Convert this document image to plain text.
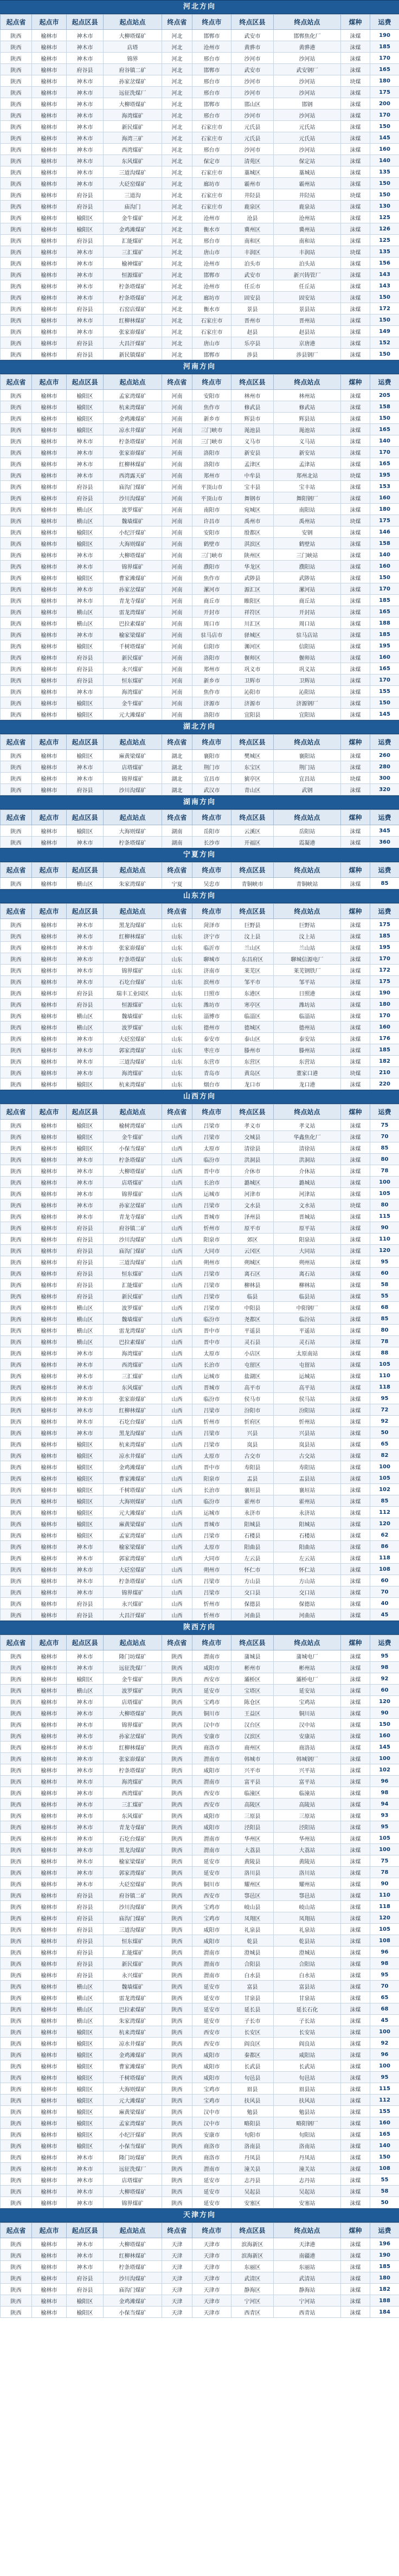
河北方向
起点省	起点市	起点区县	起点站点	终点省	终点市	终点区县	终点站点	煤种	运费
陕西	榆林市	神木市	大柳塔煤矿	河北	邯郸市	武安市	邯郸焦化厂	沫煤	190
陕西	榆林市	神木市	店塔	河北	沧州市	黄骅市	黄骅港	沫煤	185
陕西	榆林市	神木市	锦界	河北	邢台市	沙河市	沙河站	沫煤	170
陕西	榆林市	府谷县	府谷镇二矿	河北	邯郸市	武安市	武安钢厂	沫煤	165
陕西	榆林市	神木市	孙家岔煤矿	河北	邢台市	沙河市	沙河站	块煤	180
陕西	榆林市	神木市	远征洗煤厂	河北	邢台市	沙河市	沙河站	沫煤	175
陕西	榆林市	神木市	大柳塔煤矿	河北	邯郸市	邯山区	邯钢	沫煤	200
陕西	榆林市	神木市	海湾煤矿	河北	邢台市	沙河市	沙河站	沫煤	170
陕西	榆林市	神木市	新民煤矿	河北	石家庄市	元氏县	元氏站	沫煤	150
陕西	榆林市	神木市	海湾三矿	河北	石家庄市	元氏县	元氏站	沫煤	145
陕西	榆林市	神木市	西湾煤矿	河北	邢台市	沙河市	沙河站	沫煤	160
陕西	榆林市	神木市	东风煤矿	河北	保定市	清苑区	保定站	沫煤	140
陕西	榆林市	神木市	三道沟煤矿	河北	石家庄市	藁城区	藁城站	沫煤	135
陕西	榆林市	神木市	大砭窑煤矿	河北	廊坊市	霸州市	霸州站	沫煤	150
陕西	榆林市	府谷县	三道沟	河北	石家庄市	井陉县	井陉站	块煤	150
陕西	榆林市	府谷县	庙沟门	河北	石家庄市	鹿泉区	鹿泉站	沫煤	130
陕西	榆林市	榆阳区	金牛煤矿	河北	沧州市	沧县	沧州站	沫煤	125
陕西	榆林市	榆阳区	金鸡滩煤矿	河北	衡水市	冀州区	冀州站	沫煤	126
陕西	榆林市	府谷县	汇能煤矿	河北	邢台市	南和区	南和站	沫煤	125
陕西	榆林市	神木市	三汇煤矿	河北	唐山市	丰润区	丰润站	块煤	135
陕西	榆林市	神木市	榆神煤矿	河北	沧州市	泊头市	泊头站	沫煤	156
陕西	榆林市	神木市	恒源煤矿	河北	邯郸市	武安市	新兴铸管厂	沫煤	143
陕西	榆林市	神木市	柠条塔煤矿	河北	沧州市	任丘市	任丘站	沫煤	143
陕西	榆林市	神木市	柠条塔煤矿	河北	廊坊市	固安县	固安站	沫煤	150
陕西	榆林市	府谷县	石窑店煤矿	河北	衡水市	景县	景县站	沫煤	172
陕西	榆林市	神木市	红柳林煤矿	河北	石家庄市	晋州市	晋州站	沫煤	150
陕西	榆林市	神木市	张家峁煤矿	河北	石家庄市	赵县	赵县站	沫煤	149
陕西	榆林市	府谷县	大昌汗煤矿	河北	唐山市	乐亭县	京唐港	沫煤	152
陕西	榆林市	府谷县	新民镇煤矿	河北	邯郸市	涉县	涉县钢厂	沫煤	150
河南方向
起点省	起点市	起点区县	起点站点	终点省	终点市	终点区县	终点站点	煤种	运费
陕西	榆林市	榆阳区	孟家湾煤矿	河南	安阳市	林州市	林州站	沫煤	205
陕西	榆林市	榆阳区	杭来湾煤矿	河南	焦作市	修武县	修武站	沫煤	158
陕西	榆林市	榆阳区	金鸡滩煤矿	河南	新乡市	辉县市	辉县站	沫煤	150
陕西	榆林市	榆阳区	凉水井煤矿	河南	三门峡市	渑池县	渑池站	沫煤	165
陕西	榆林市	神木市	柠条塔煤矿	河南	三门峡市	义马市	义马站	沫煤	140
陕西	榆林市	神木市	张家峁煤矿	河南	洛阳市	新安县	新安站	沫煤	170
陕西	榆林市	神木市	红柳林煤矿	河南	洛阳市	孟津区	孟津站	沫煤	165
陕西	榆林市	神木市	西湾露天矿	河南	郑州市	中牟县	郑州北站	块煤	195
陕西	榆林市	府谷县	庙沟门煤矿	河南	平顶山市	宝丰县	宝丰站	沫煤	153
陕西	榆林市	府谷县	沙川沟煤矿	河南	平顶山市	舞钢市	舞阳钢厂	沫煤	160
陕西	榆林市	横山区	波罗煤矿	河南	南阳市	宛城区	南阳站	沫煤	180
陕西	榆林市	横山区	魏墙煤矿	河南	许昌市	禹州市	禹州站	块煤	175
陕西	榆林市	榆阳区	小纪汗煤矿	河南	安阳市	殷都区	安钢	沫煤	146
陕西	榆林市	榆阳区	大海则煤矿	河南	鹤壁市	淇滨区	鹤壁站	沫煤	158
陕西	榆林市	神木市	大柳塔煤矿	河南	三门峡市	陕州区	三门峡站	沫煤	140
陕西	榆林市	神木市	锦界煤矿	河南	濮阳市	华龙区	濮阳站	沫煤	160
陕西	榆林市	榆阳区	曹家滩煤矿	河南	焦作市	武陟县	武陟站	沫煤	150
陕西	榆林市	神木市	孙家岔煤矿	河南	漯河市	源汇区	漯河站	沫煤	170
陕西	榆林市	神木市	青龙寺煤矿	河南	商丘市	睢阳区	商丘站	沫煤	185
陕西	榆林市	横山区	雷龙湾煤矿	河南	开封市	祥符区	开封站	沫煤	165
陕西	榆林市	横山区	巴拉素煤矿	河南	周口市	川汇区	周口站	沫煤	188
陕西	榆林市	神木市	榆家梁煤矿	河南	驻马店市	驿城区	驻马店站	沫煤	185
陕西	榆林市	榆阳区	千树塔煤矿	河南	信阳市	浉河区	信阳站	沫煤	195
陕西	榆林市	府谷县	新民煤矿	河南	洛阳市	偃师区	偃师站	沫煤	160
陕西	榆林市	府谷县	永兴煤矿	河南	郑州市	巩义市	巩义站	沫煤	165
陕西	榆林市	府谷县	恒东煤矿	河南	新乡市	卫辉市	卫辉站	沫煤	170
陕西	榆林市	神木市	海湾煤矿	河南	焦作市	沁阳市	沁阳站	沫煤	155
陕西	榆林市	榆阳区	金牛煤矿	河南	济源市	济源市	济源钢厂	沫煤	150
陕西	榆林市	榆阳区	元大滩煤矿	河南	洛阳市	宜阳县	宜阳站	沫煤	145
湖北方向
起点省	起点市	起点区县	起点站点	终点省	终点市	终点区县	终点站点	煤种	运费
陕西	榆林市	榆阳区	麻黄梁煤矿	湖北	襄阳市	樊城区	襄阳站	沫煤	260
陕西	榆林市	神木市	店塔煤矿	湖北	荆门市	东宝区	荆门站	沫煤	280
陕西	榆林市	神木市	锦界煤矿	湖北	宜昌市	猇亭区	宜昌站	块煤	300
陕西	榆林市	府谷县	沙川沟煤矿	湖北	武汉市	青山区	武钢	沫煤	320
湖南方向
起点省	起点市	起点区县	起点站点	终点省	终点市	终点区县	终点站点	煤种	运费
陕西	榆林市	榆阳区	大海则煤矿	湖南	岳阳市	云溪区	岳阳站	沫煤	345
陕西	榆林市	神木市	柠条塔煤矿	湖南	长沙市	开福区	霞凝港	沫煤	360
宁夏方向
起点省	起点市	起点区县	起点站点	终点省	终点市	终点区县	终点站点	煤种	运费
陕西	榆林市	横山区	朱家湾煤矿	宁夏	吴忠市	青铜峡市	青铜峡站	沫煤	85
山东方向
起点省	起点市	起点区县	起点站点	终点省	终点市	终点区县	终点站点	煤种	运费
陕西	榆林市	神木市	黑龙沟煤矿	山东	菏泽市	巨野县	巨野站	沫煤	175
陕西	榆林市	神木市	红柳林煤矿	山东	济宁市	汶上县	汶上站	沫煤	185
陕西	榆林市	神木市	张家峁煤矿	山东	临沂市	兰山区	兰山站	沫煤	195
陕西	榆林市	神木市	柠条塔煤矿	山东	聊城市	东昌府区	聊城信源电厂	沫煤	170
陕西	榆林市	神木市	锦界煤矿	山东	济南市	莱芜区	莱芜钢铁厂	沫煤	172
陕西	榆林市	神木市	石圪台煤矿	山东	滨州市	邹平市	邹平站	沫煤	175
陕西	榆林市	府谷县	瑞丰工业园区	山东	日照市	东港区	日照港	沫煤	190
陕西	榆林市	府谷县	恒源煤矿	山东	潍坊市	寒亭区	潍坊站	沫煤	180
陕西	榆林市	横山区	魏墙煤矿	山东	淄博市	临淄区	临淄站	沫煤	170
陕西	榆林市	横山区	波罗煤矿	山东	德州市	德城区	德州站	沫煤	160
陕西	榆林市	神木市	大砭窑煤矿	山东	泰安市	泰山区	泰安站	沫煤	176
陕西	榆林市	神木市	郭家湾煤矿	山东	枣庄市	滕州市	滕州站	沫煤	185
陕西	榆林市	神木市	三道沟煤矿	山东	东营市	东营区	东营站	沫煤	182
陕西	榆林市	神木市	海湾煤矿	山东	青岛市	黄岛区	董家口港	块煤	210
陕西	榆林市	榆阳区	杭来湾煤矿	山东	烟台市	龙口市	龙口港	沫煤	220
山西方向
起点省	起点市	起点区县	起点站点	终点省	终点市	终点区县	终点站点	煤种	运费
陕西	榆林市	榆阳区	榆树湾煤矿	山西	吕梁市	孝义市	孝义站	沫煤	75
陕西	榆林市	榆阳区	金牛煤矿	山西	吕梁市	交城县	华鑫焦化厂	沫煤	70
陕西	榆林市	榆阳区	小保当煤矿	山西	太原市	清徐县	清徐站	沫煤	85
陕西	榆林市	神木市	柠条塔煤矿	山西	临汾市	洪洞县	洪洞站	沫煤	80
陕西	榆林市	神木市	大柳塔煤矿	山西	晋中市	介休市	介休站	沫煤	78
陕西	榆林市	神木市	店塔煤矿	山西	长治市	潞城区	潞城站	沫煤	100
陕西	榆林市	神木市	锦界煤矿	山西	运城市	河津市	河津站	沫煤	105
陕西	榆林市	神木市	孙家岔煤矿	山西	吕梁市	文水县	文水站	块煤	80
陕西	榆林市	神木市	青龙寺煤矿	山西	晋城市	泽州县	晋城站	沫煤	115
陕西	榆林市	府谷县	府谷镇二矿	山西	忻州市	原平市	原平站	沫煤	90
陕西	榆林市	府谷县	沙川沟煤矿	山西	阳泉市	郊区	阳泉站	沫煤	110
陕西	榆林市	府谷县	庙沟门煤矿	山西	大同市	云冈区	大同站	沫煤	120
陕西	榆林市	府谷县	三道沟煤矿	山西	朔州市	朔城区	朔州站	沫煤	95
陕西	榆林市	府谷县	恒东煤矿	山西	吕梁市	离石区	离石站	沫煤	60
陕西	榆林市	府谷县	汇能煤矿	山西	吕梁市	柳林县	柳林站	沫煤	58
陕西	榆林市	府谷县	新民煤矿	山西	吕梁市	临县	临县站	沫煤	55
陕西	榆林市	横山区	波罗煤矿	山西	吕梁市	中阳县	中阳钢厂	沫煤	68
陕西	榆林市	横山区	魏墙煤矿	山西	临汾市	尧都区	临汾站	沫煤	85
陕西	榆林市	横山区	雷龙湾煤矿	山西	晋中市	平遥县	平遥站	沫煤	80
陕西	榆林市	横山区	巴拉素煤矿	山西	晋中市	灵石县	灵石站	沫煤	78
陕西	榆林市	神木市	海湾煤矿	山西	太原市	小店区	太原南站	沫煤	88
陕西	榆林市	神木市	西湾煤矿	山西	长治市	屯留区	屯留站	沫煤	105
陕西	榆林市	神木市	三汇煤矿	山西	运城市	盐湖区	运城站	沫煤	110
陕西	榆林市	神木市	东风煤矿	山西	晋城市	高平市	高平站	沫煤	118
陕西	榆林市	神木市	张家峁煤矿	山西	临汾市	侯马市	侯马站	沫煤	95
陕西	榆林市	神木市	红柳林煤矿	山西	吕梁市	汾阳市	汾阳站	沫煤	72
陕西	榆林市	神木市	石圪台煤矿	山西	忻州市	忻府区	忻州站	沫煤	92
陕西	榆林市	神木市	黑龙沟煤矿	山西	吕梁市	兴县	兴县站	沫煤	50
陕西	榆林市	榆阳区	杭来湾煤矿	山西	吕梁市	岚县	岚县站	沫煤	65
陕西	榆林市	榆阳区	凉水井煤矿	山西	太原市	古交市	古交站	沫煤	82
陕西	榆林市	榆阳区	金鸡滩煤矿	山西	晋中市	寿阳县	寿阳站	沫煤	100
陕西	榆林市	榆阳区	曹家滩煤矿	山西	阳泉市	盂县	盂县站	沫煤	105
陕西	榆林市	榆阳区	千树塔煤矿	山西	长治市	襄垣县	襄垣站	沫煤	102
陕西	榆林市	榆阳区	大海则煤矿	山西	临汾市	霍州市	霍州站	沫煤	85
陕西	榆林市	榆阳区	元大滩煤矿	山西	运城市	永济市	永济站	沫煤	112
陕西	榆林市	榆阳区	麻黄梁煤矿	山西	晋城市	阳城县	阳城站	沫煤	120
陕西	榆林市	榆阳区	孟家湾煤矿	山西	吕梁市	石楼县	石楼站	沫煤	62
陕西	榆林市	神木市	榆家梁煤矿	山西	太原市	阳曲县	阳曲站	沫煤	86
陕西	榆林市	神木市	郭家湾煤矿	山西	大同市	左云县	左云站	沫煤	118
陕西	榆林市	神木市	大砭窑煤矿	山西	朔州市	怀仁市	怀仁站	沫煤	108
陕西	榆林市	神木市	柠条塔煤矿	山西	吕梁市	方山县	方山站	沫煤	60
陕西	榆林市	神木市	锦界煤矿	山西	吕梁市	交口县	交口站	沫煤	70
陕西	榆林市	府谷县	永兴煤矿	山西	忻州市	保德县	保德站	沫煤	40
陕西	榆林市	府谷县	大昌汗煤矿	山西	忻州市	河曲县	河曲站	沫煤	45
陕西方向
起点省	起点市	起点区县	起点站点	终点省	终点市	终点区县	终点站点	煤种	运费
陕西	榆林市	神木市	隆门坊煤矿	陕西	渭南市	蒲城县	蒲城电厂	沫煤	95
陕西	榆林市	神木市	远征洗煤厂	陕西	咸阳市	彬州市	彬州站	沫煤	98
陕西	榆林市	榆阳区	金牛煤矿	陕西	西安市	灞桥区	灞桥电厂	沫煤	92
陕西	榆林市	横山区	波罗煤矿	陕西	延安市	宝塔区	延安站	沫煤	60
陕西	榆林市	神木市	店塔煤矿	陕西	宝鸡市	陈仓区	宝鸡站	沫煤	120
陕西	榆林市	神木市	大柳塔煤矿	陕西	铜川市	王益区	铜川站	沫煤	90
陕西	榆林市	神木市	锦界煤矿	陕西	汉中市	汉台区	汉中站	沫煤	150
陕西	榆林市	神木市	孙家岔煤矿	陕西	安康市	汉滨区	安康站	沫煤	160
陕西	榆林市	神木市	红柳林煤矿	陕西	商洛市	商州区	商洛站	沫煤	145
陕西	榆林市	神木市	张家峁煤矿	陕西	渭南市	韩城市	韩城钢厂	沫煤	100
陕西	榆林市	神木市	柠条塔煤矿	陕西	咸阳市	兴平市	兴平站	沫煤	102
陕西	榆林市	神木市	海湾煤矿	陕西	渭南市	富平县	富平站	沫煤	96
陕西	榆林市	神木市	西湾煤矿	陕西	西安市	临潼区	临潼站	沫煤	98
陕西	榆林市	神木市	三汇煤矿	陕西	西安市	高陵区	高陵站	沫煤	94
陕西	榆林市	神木市	东风煤矿	陕西	咸阳市	三原县	三原站	沫煤	93
陕西	榆林市	神木市	青龙寺煤矿	陕西	咸阳市	泾阳县	泾阳站	沫煤	95
陕西	榆林市	神木市	石圪台煤矿	陕西	渭南市	华州区	华州站	沫煤	105
陕西	榆林市	神木市	黑龙沟煤矿	陕西	渭南市	大荔县	大荔站	沫煤	100
陕西	榆林市	神木市	榆家梁煤矿	陕西	延安市	黄陵县	黄陵站	沫煤	75
陕西	榆林市	神木市	郭家湾煤矿	陕西	延安市	洛川县	洛川站	沫煤	78
陕西	榆林市	神木市	大砭窑煤矿	陕西	铜川市	耀州区	耀州站	沫煤	90
陕西	榆林市	府谷县	府谷镇二矿	陕西	西安市	鄠邑区	鄠邑站	沫煤	110
陕西	榆林市	府谷县	沙川沟煤矿	陕西	宝鸡市	岐山县	岐山站	沫煤	118
陕西	榆林市	府谷县	庙沟门煤矿	陕西	宝鸡市	凤翔区	凤翔站	沫煤	120
陕西	榆林市	府谷县	三道沟煤矿	陕西	咸阳市	礼泉县	礼泉站	沫煤	105
陕西	榆林市	府谷县	恒东煤矿	陕西	咸阳市	乾县	乾县站	沫煤	108
陕西	榆林市	府谷县	汇能煤矿	陕西	渭南市	澄城县	澄城站	沫煤	96
陕西	榆林市	府谷县	新民煤矿	陕西	渭南市	合阳县	合阳站	沫煤	98
陕西	榆林市	府谷县	永兴煤矿	陕西	渭南市	白水县	白水站	沫煤	95
陕西	榆林市	横山区	魏墙煤矿	陕西	延安市	富县	富县站	沫煤	70
陕西	榆林市	横山区	雷龙湾煤矿	陕西	延安市	甘泉县	甘泉站	沫煤	65
陕西	榆林市	横山区	巴拉素煤矿	陕西	延安市	延长县	延长石化	沫煤	68
陕西	榆林市	横山区	朱家湾煤矿	陕西	延安市	子长市	子长站	沫煤	45
陕西	榆林市	榆阳区	杭来湾煤矿	陕西	西安市	长安区	长安站	沫煤	100
陕西	榆林市	榆阳区	凉水井煤矿	陕西	西安市	阎良区	阎良站	沫煤	92
陕西	榆林市	榆阳区	金鸡滩煤矿	陕西	咸阳市	秦都区	咸阳站	沫煤	96
陕西	榆林市	榆阳区	曹家滩煤矿	陕西	咸阳市	长武县	长武站	沫煤	100
陕西	榆林市	榆阳区	千树塔煤矿	陕西	咸阳市	旬邑县	旬邑站	沫煤	95
陕西	榆林市	榆阳区	大海则煤矿	陕西	宝鸡市	眉县	眉县站	沫煤	115
陕西	榆林市	榆阳区	元大滩煤矿	陕西	宝鸡市	扶风县	扶风站	沫煤	112
陕西	榆林市	榆阳区	麻黄梁煤矿	陕西	汉中市	勉县	勉县站	沫煤	155
陕西	榆林市	榆阳区	孟家湾煤矿	陕西	汉中市	略阳县	略阳钢厂	沫煤	160
陕西	榆林市	榆阳区	小纪汗煤矿	陕西	安康市	旬阳市	旬阳站	沫煤	165
陕西	榆林市	榆阳区	小保当煤矿	陕西	商洛市	洛南县	洛南站	沫煤	140
陕西	榆林市	神木市	隆门坊煤矿	陕西	商洛市	丹凤县	丹凤站	沫煤	150
陕西	榆林市	神木市	远征洗煤厂	陕西	渭南市	潼关县	潼关站	沫煤	108
陕西	榆林市	神木市	店塔煤矿	陕西	延安市	志丹县	志丹站	沫煤	55
陕西	榆林市	神木市	大柳塔煤矿	陕西	延安市	吴起县	吴起站	沫煤	58
陕西	榆林市	神木市	锦界煤矿	陕西	延安市	安塞区	安塞站	沫煤	50
天津方向
起点省	起点市	起点区县	起点站点	终点省	终点市	终点区县	终点站点	煤种	运费
陕西	榆林市	神木市	大柳塔煤矿	天津	天津市	滨海新区	天津港	沫煤	196
陕西	榆林市	神木市	红柳林煤矿	天津	天津市	滨海新区	南疆港	沫煤	190
陕西	榆林市	神木市	柠条塔煤矿	天津	天津市	东丽区	东丽站	沫煤	185
陕西	榆林市	府谷县	沙川沟煤矿	天津	天津市	武清区	武清站	沫煤	180
陕西	榆林市	府谷县	庙沟门煤矿	天津	天津市	静海区	静海站	沫煤	182
陕西	榆林市	榆阳区	金鸡滩煤矿	天津	天津市	宁河区	宁河站	沫煤	188
陕西	榆林市	榆阳区	小保当煤矿	天津	天津市	西青区	西青站	沫煤	184
